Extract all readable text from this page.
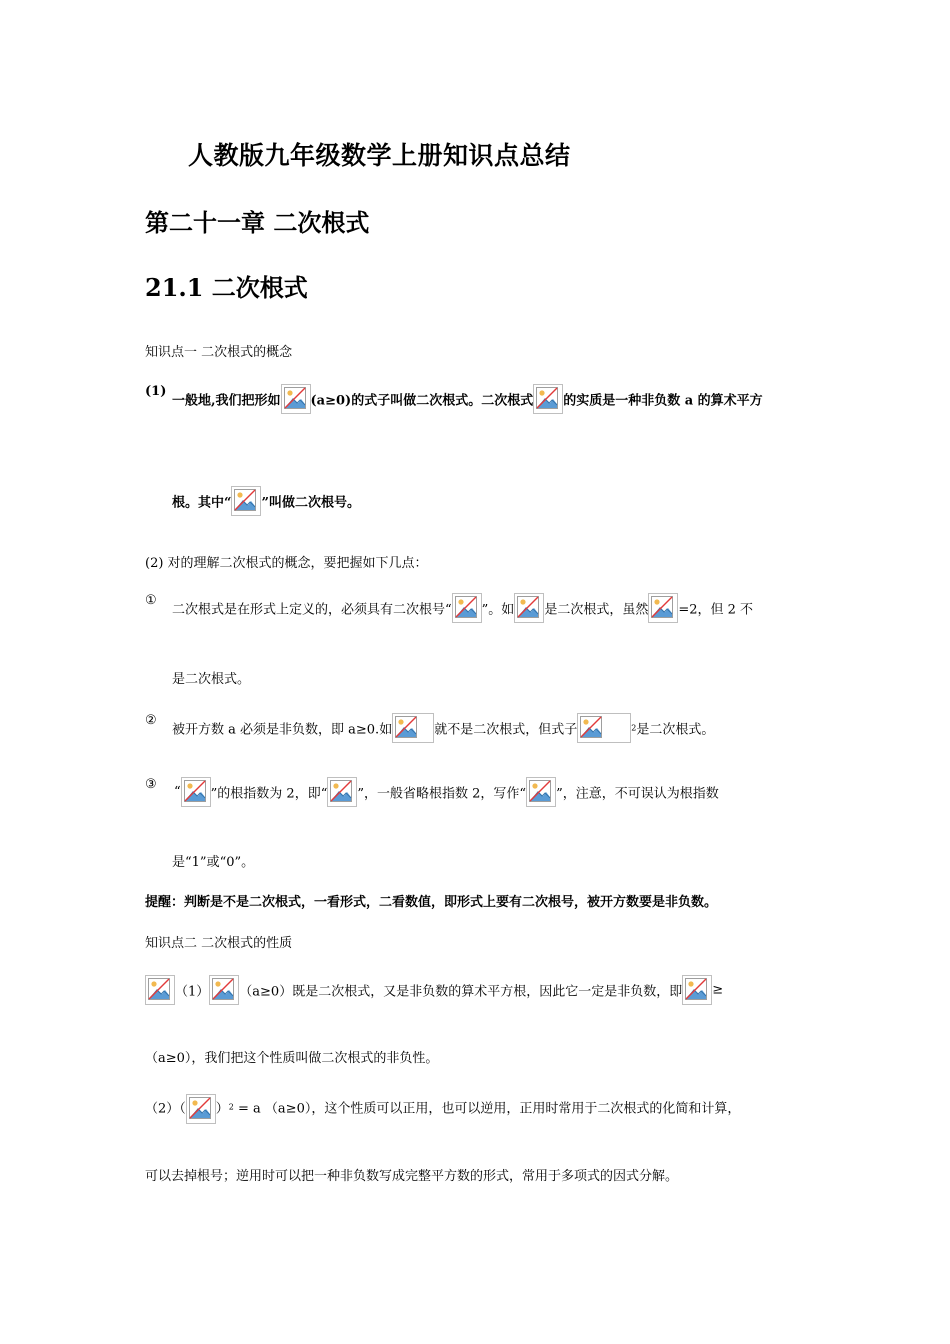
人教版九年级数学上册知识点总结
第二十一章 二次根式
21.1 二次根式
知识点一 二次根式的概念
(1)
一般地,我们把形如 (a≥0)的式子叫做二次根式。二次根式 的实质是一种非负数 a 的算术平方
根。其中“ ”叫做二次根号。
(2) 对的理解二次根式的概念，要把握如下几点：
①
二次根式是在形式上定义的，必须具有二次根号“ ”。如 是二次根式，虽然 =2，但 2 不
是二次根式。
②
被开方数 a 必须是非负数，即 a≥0.如	就不是二次根式，但式子	2是二次根式。
③ “ ”的根指数为 2，即“ ”，一般省略根指数 2，写作“ ”，注意，不可误认为根指数
是“1”或“0”。
提醒：判断是不是二次根式，一看形式，二看数值，即形式上要有二次根号，被开方数要是非负数。
知识点二 二次根式的性质
（1） （a≥0）既是二次根式，又是非负数的算术平方根，因此它一定是非负数，即 ≥
（a≥0），我们把这个性质叫做二次根式的非负性。
（2）（ ）2 = a （a≥0），这个性质可以正用，也可以逆用，正用时常用于二次根式的化简和计算，
可以去掉根号；逆用时可以把一种非负数写成完整平方数的形式，常用于多项式的因式分解。
